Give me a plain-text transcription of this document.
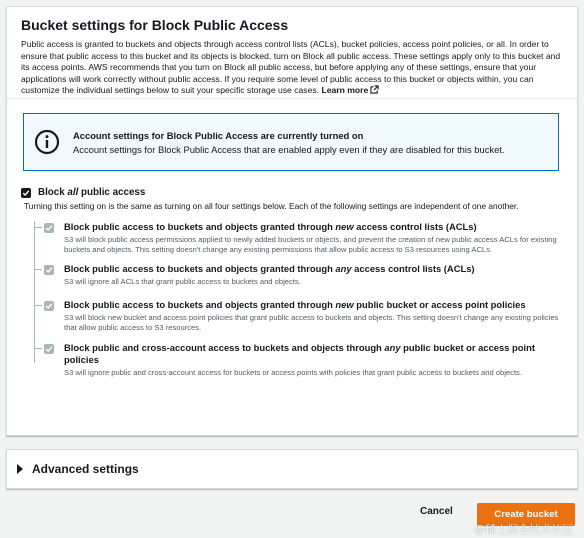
Bucket settings for Block Public Access
Public access is granted to buckets and objects through access control lists (ACLs), bucket policies, access point policies, or all. In order to ensure that public access to this bucket and its objects is blocked, turn on Block all public access. These settings apply only to this bucket and its access points. AWS recommends that you turn on Block all public access, but before applying any of these settings, ensure that your applications will work correctly without public access. If you require some level of public access to this bucket or objects within, you can customize the individual settings below to suit your specific storage use cases. Learn more
Account settings for Block Public Access are currently turned on
Account settings for Block Public Access that are enabled apply even if they are disabled for this bucket.
Block all public access
Turning this setting on is the same as turning on all four settings below. Each of the following settings are independent of one another.
Block public access to buckets and objects granted through new access control lists (ACLs)
S3 will block public access permissions applied to newly added buckets or objects, and prevent the creation of new public access ACLs for existing buckets and objects. This setting doesn't change any existing permissions that allow public access to S3 resources using ACLs.
Block public access to buckets and objects granted through any access control lists (ACLs)
S3 will ignore all ACLs that grant public access to buckets and objects.
Block public access to buckets and objects granted through new public bucket or access point policies
S3 will block new bucket and access point policies that grant public access to buckets and objects. This setting doesn't change any existing policies that allow public access to S3 resources.
Block public and cross-account access to buckets and objects through any public bucket or access point policies
S3 will ignore public and cross-account access for buckets or access points with policies that grant public access to buckets and objects.
Advanced settings
Cancel	Create bucket
@稀土掘金技术社区
